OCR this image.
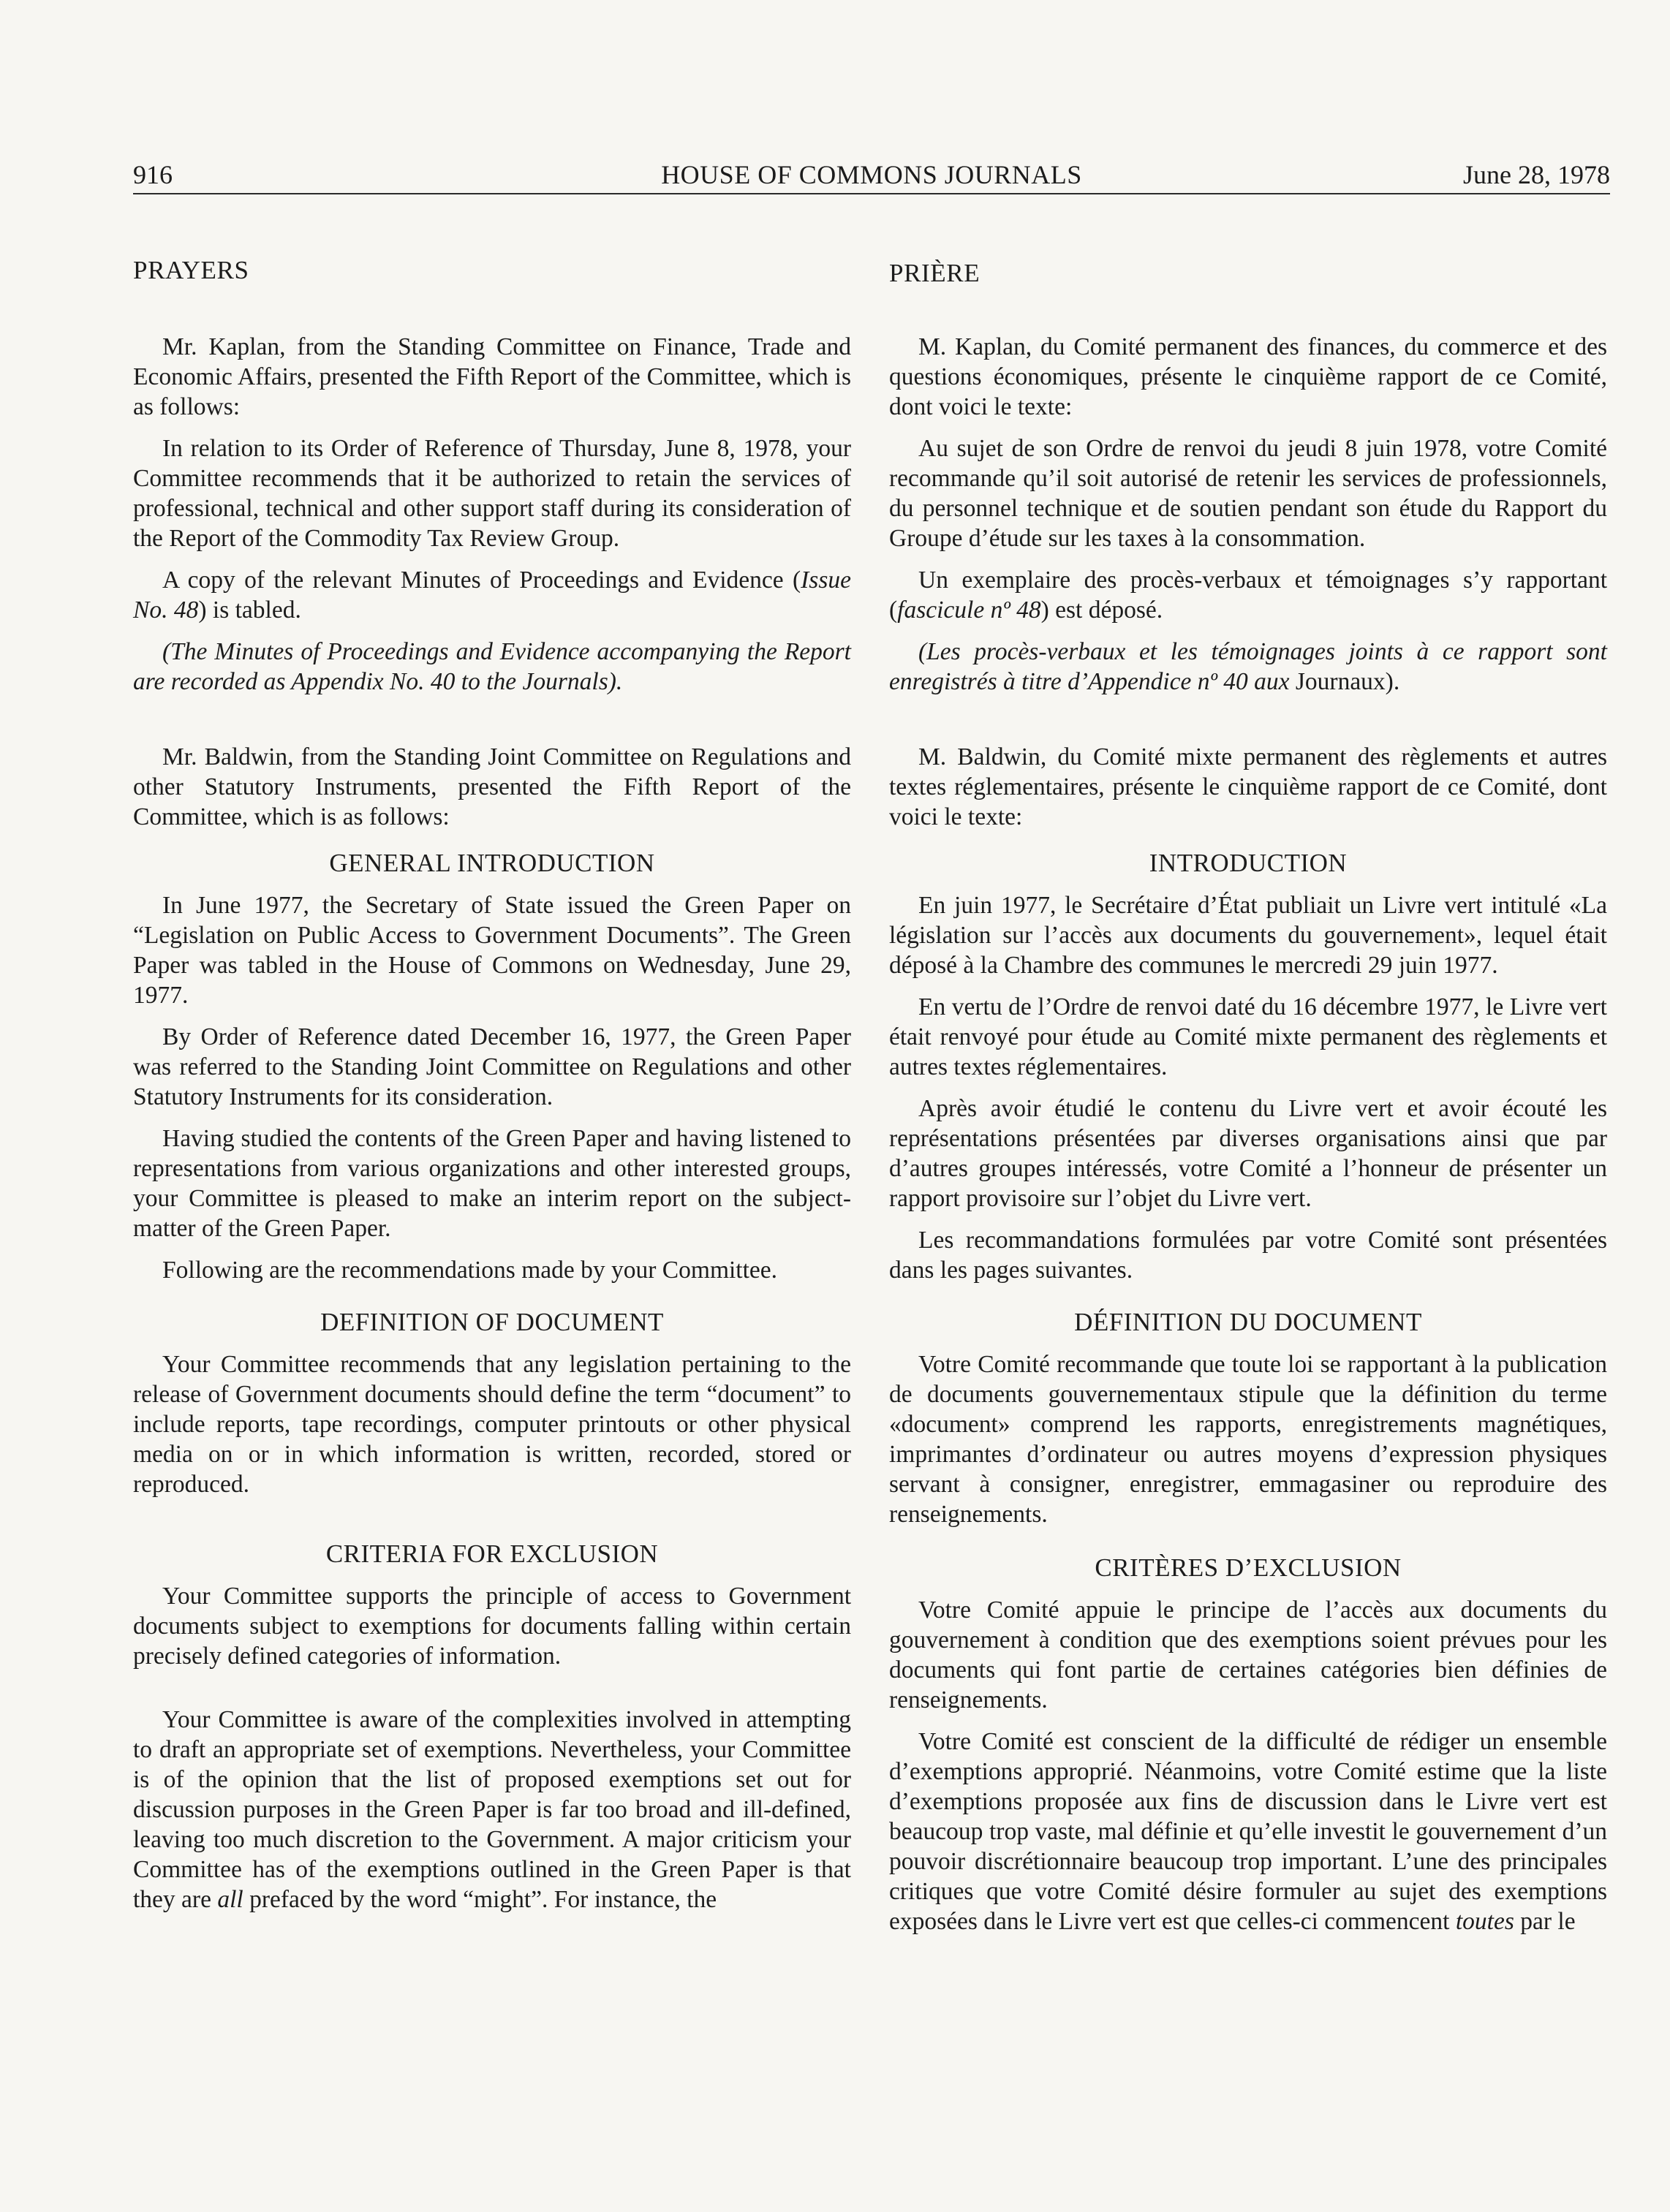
916	HOUSE OF COMMONS JOURNALS	June 28, 1978
PRAYERS

Mr. Kaplan, from the Standing Committee on Finance, Trade and Economic Affairs, presented the Fifth Report of the Committee, which is as follows:

In relation to its Order of Reference of Thursday, June 8, 1978, your Committee recommends that it be authorized to retain the services of professional, technical and other support staff during its consideration of the Report of the Commodity Tax Review Group.

A copy of the relevant Minutes of Proceedings and Evidence (Issue No. 48) is tabled.

(The Minutes of Proceedings and Evidence accompanying the Report are recorded as Appendix No. 40 to the Journals).

Mr. Baldwin, from the Standing Joint Committee on Regulations and other Statutory Instruments, presented the Fifth Report of the Committee, which is as follows:

GENERAL INTRODUCTION

In June 1977, the Secretary of State issued the Green Paper on “Legislation on Public Access to Government Documents”. The Green Paper was tabled in the House of Commons on Wednesday, June 29, 1977.

By Order of Reference dated December 16, 1977, the Green Paper was referred to the Standing Joint Committee on Regulations and other Statutory Instruments for its consideration.

Having studied the contents of the Green Paper and having listened to representations from various organizations and other interested groups, your Committee is pleased to make an interim report on the subject-matter of the Green Paper.

Following are the recommendations made by your Committee.

DEFINITION OF DOCUMENT

Your Committee recommends that any legislation pertaining to the release of Government documents should define the term “document” to include reports, tape recordings, computer printouts or other physical media on or in which information is written, recorded, stored or reproduced.

CRITERIA FOR EXCLUSION

Your Committee supports the principle of access to Government documents subject to exemptions for documents falling within certain precisely defined categories of information.

Your Committee is aware of the complexities involved in attempting to draft an appropriate set of exemptions. Nevertheless, your Committee is of the opinion that the list of proposed exemptions set out for discussion purposes in the Green Paper is far too broad and ill-defined, leaving too much discretion to the Government. A major criticism your Committee has of the exemptions outlined in the Green Paper is that they are all prefaced by the word “might”. For instance, the

PRIÈRE

M. Kaplan, du Comité permanent des finances, du commerce et des questions économiques, présente le cinquième rapport de ce Comité, dont voici le texte:

Au sujet de son Ordre de renvoi du jeudi 8 juin 1978, votre Comité recommande qu’il soit autorisé de retenir les services de professionnels, du personnel technique et de soutien pendant son étude du Rapport du Groupe d’étude sur les taxes à la consommation.

Un exemplaire des procès-verbaux et témoignages s’y rapportant (fascicule nº 48) est déposé.

(Les procès-verbaux et les témoignages joints à ce rapport sont enregistrés à titre d’Appendice nº 40 aux Journaux).

M. Baldwin, du Comité mixte permanent des règlements et autres textes réglementaires, présente le cinquième rapport de ce Comité, dont voici le texte:

INTRODUCTION

En juin 1977, le Secrétaire d’État publiait un Livre vert intitulé «La législation sur l’accès aux documents du gouvernement», lequel était déposé à la Chambre des communes le mercredi 29 juin 1977.

En vertu de l’Ordre de renvoi daté du 16 décembre 1977, le Livre vert était renvoyé pour étude au Comité mixte permanent des règlements et autres textes réglementaires.

Après avoir étudié le contenu du Livre vert et avoir écouté les représentations présentées par diverses organisations ainsi que par d’autres groupes intéressés, votre Comité a l’honneur de présenter un rapport provisoire sur l’objet du Livre vert.

Les recommandations formulées par votre Comité sont présentées dans les pages suivantes.

DÉFINITION DU DOCUMENT

Votre Comité recommande que toute loi se rapportant à la publication de documents gouvernementaux stipule que la définition du terme «document» comprend les rapports, enregistrements magnétiques, imprimantes d’ordinateur ou autres moyens d’expression physiques servant à consigner, enregistrer, emmagasiner ou reproduire des renseignements.

CRITÈRES D’EXCLUSION

Votre Comité appuie le principe de l’accès aux documents du gouvernement à condition que des exemptions soient prévues pour les documents qui font partie de certaines catégories bien définies de renseignements.

Votre Comité est conscient de la difficulté de rédiger un ensemble d’exemptions approprié. Néanmoins, votre Comité estime que la liste d’exemptions proposée aux fins de discussion dans le Livre vert est beaucoup trop vaste, mal définie et qu’elle investit le gouvernement d’un pouvoir discrétionnaire beaucoup trop important. L’une des principales critiques que votre Comité désire formuler au sujet des exemptions exposées dans le Livre vert est que celles-ci commencent toutes par le
